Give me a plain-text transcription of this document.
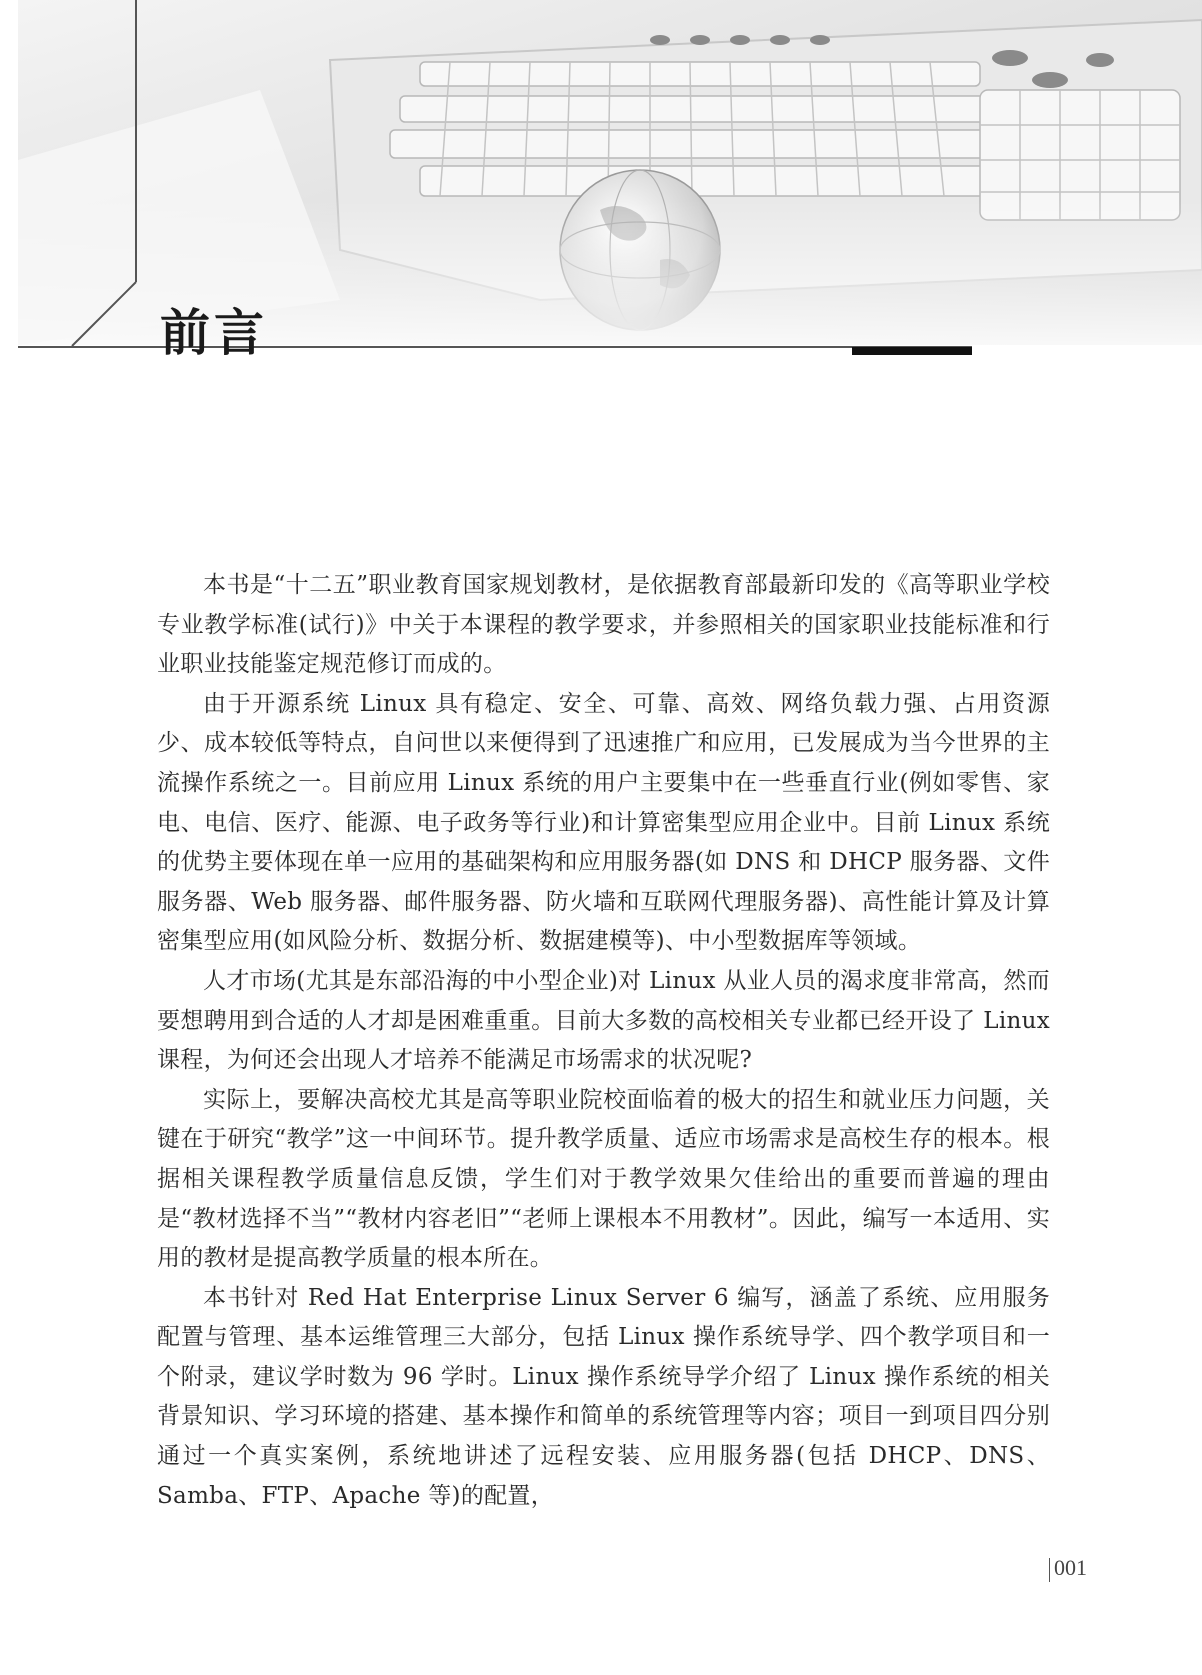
前言

本书是“十二五”职业教育国家规划教材，是依据教育部最新印发的《高等职业学校专业教学标准(试行)》中关于本课程的教学要求，并参照相关的国家职业技能标准和行业职业技能鉴定规范修订而成的。

由于开源系统 Linux 具有稳定、安全、可靠、高效、网络负载力强、占用资源少、成本较低等特点，自问世以来便得到了迅速推广和应用，已发展成为当今世界的主流操作系统之一。目前应用 Linux 系统的用户主要集中在一些垂直行业(例如零售、家电、电信、医疗、能源、电子政务等行业)和计算密集型应用企业中。目前 Linux 系统的优势主要体现在单一应用的基础架构和应用服务器(如 DNS 和 DHCP 服务器、文件服务器、Web 服务器、邮件服务器、防火墙和互联网代理服务器)、高性能计算及计算密集型应用(如风险分析、数据分析、数据建模等)、中小型数据库等领域。

人才市场(尤其是东部沿海的中小型企业)对 Linux 从业人员的渴求度非常高，然而要想聘用到合适的人才却是困难重重。目前大多数的高校相关专业都已经开设了 Linux 课程，为何还会出现人才培养不能满足市场需求的状况呢?

实际上，要解决高校尤其是高等职业院校面临着的极大的招生和就业压力问题，关键在于研究“教学”这一中间环节。提升教学质量、适应市场需求是高校生存的根本。根据相关课程教学质量信息反馈，学生们对于教学效果欠佳给出的重要而普遍的理由是“教材选择不当”“教材内容老旧”“老师上课根本不用教材”。因此，编写一本适用、实用的教材是提高教学质量的根本所在。

本书针对 Red Hat Enterprise Linux Server 6 编写，涵盖了系统、应用服务配置与管理、基本运维管理三大部分，包括 Linux 操作系统导学、四个教学项目和一个附录，建议学时数为 96 学时。Linux 操作系统导学介绍了 Linux 操作系统的相关背景知识、学习环境的搭建、基本操作和简单的系统管理等内容；项目一到项目四分别通过一个真实案例，系统地讲述了远程安装、应用服务器(包括 DHCP、DNS、Samba、FTP、Apache 等)的配置，

001
